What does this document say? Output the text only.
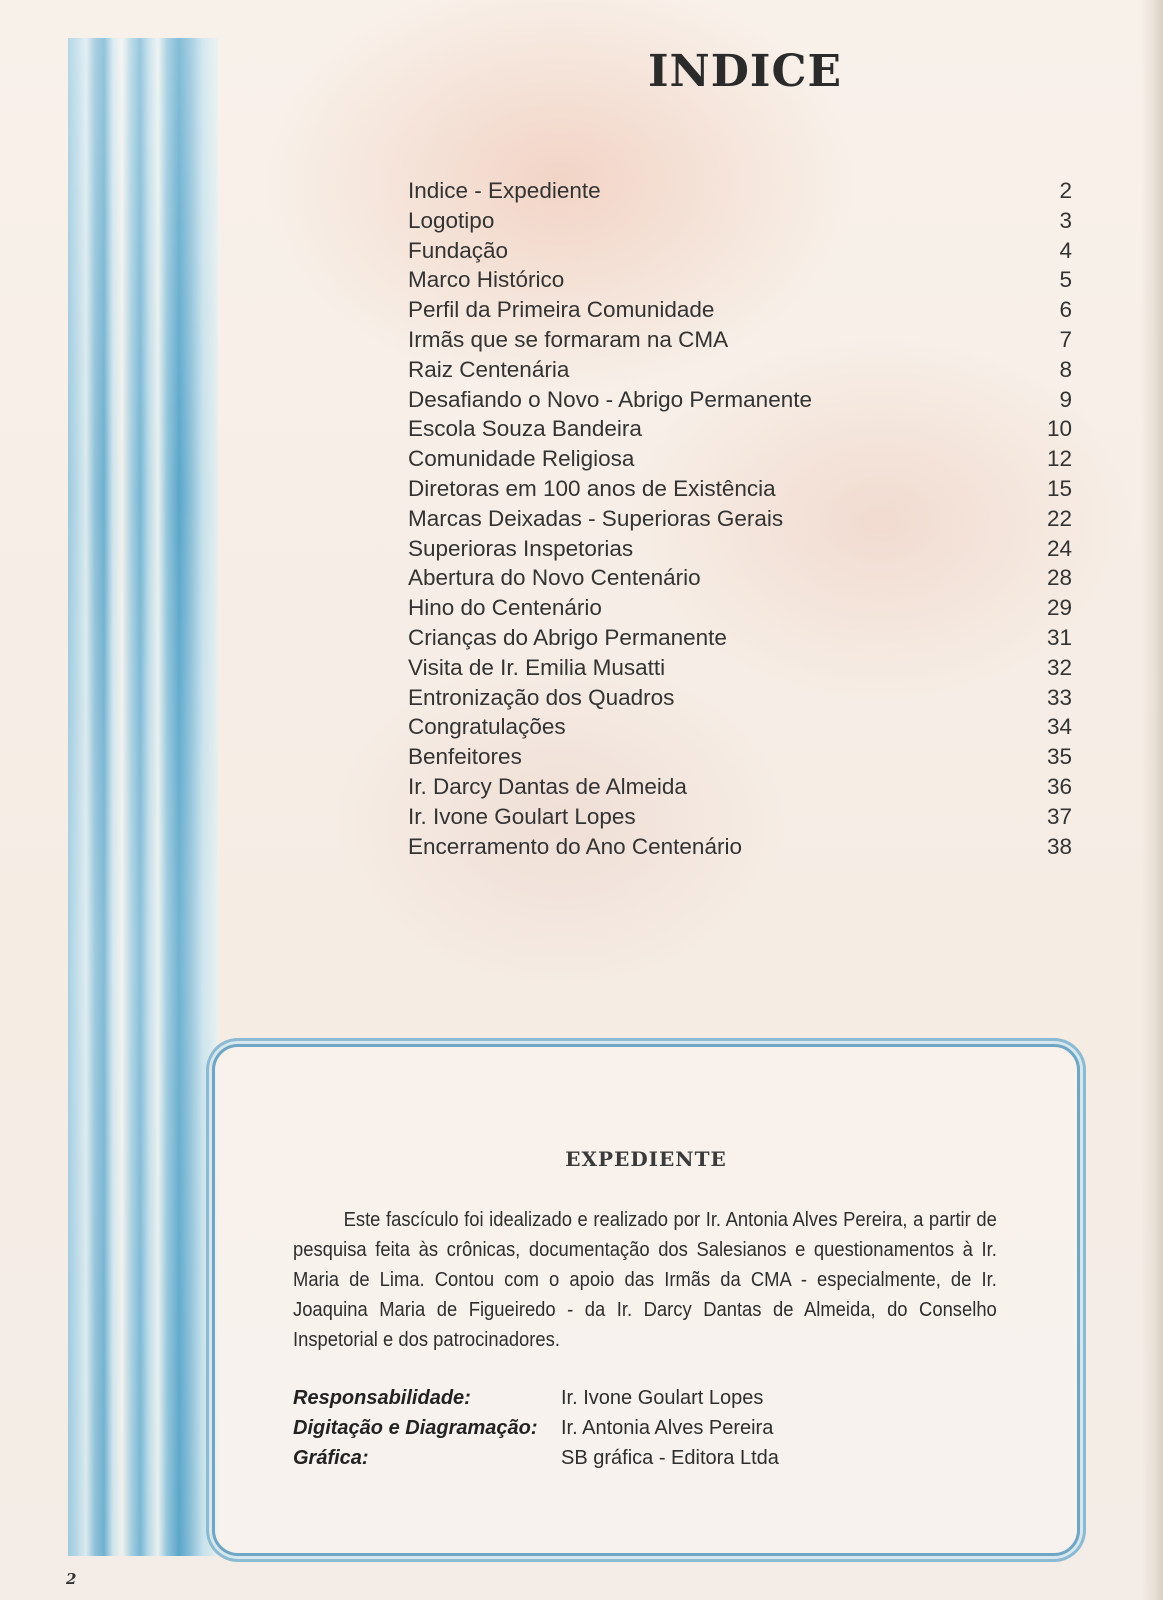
INDICE
Indice - Expediente	2
Logotipo	3
Fundação	4
Marco Histórico	5
Perfil da Primeira Comunidade	6
Irmãs que se formaram na CMA	7
Raiz Centenária	8
Desafiando o Novo - Abrigo Permanente	9
Escola Souza Bandeira	10
Comunidade Religiosa	12
Diretoras em 100 anos de Existência	15
Marcas Deixadas - Superioras Gerais	22
Superioras Inspetorias	24
Abertura do Novo Centenário	28
Hino do Centenário	29
Crianças do Abrigo Permanente	31
Visita de Ir. Emilia Musatti	32
Entronização dos Quadros	33
Congratulações	34
Benfeitores	35
Ir. Darcy Dantas de Almeida	36
Ir. Ivone Goulart Lopes	37
Encerramento do Ano Centenário	38
EXPEDIENTE

Este fascículo foi idealizado e realizado por Ir. Antonia Alves Pereira, a partir de pesquisa feita às crônicas, documentação dos Salesianos e questionamentos à Ir. Maria de Lima. Contou com o apoio das Irmãs da CMA - especialmente, de Ir. Joaquina Maria de Figueiredo - da Ir. Darcy Dantas de Almeida, do Conselho Inspetorial e dos patrocinadores.

Responsabilidade:	Ir. Ivone Goulart Lopes
Digitação e Diagramação:	Ir. Antonia Alves Pereira
Gráfica:	SB gráfica - Editora Ltda
2
